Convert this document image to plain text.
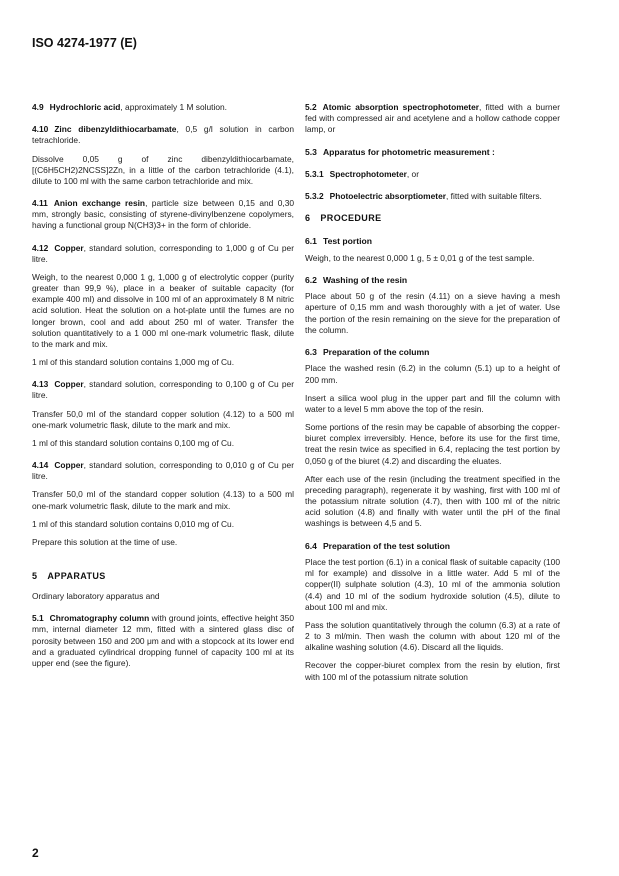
ISO 4274-1977 (E)

4.9 Hydrochloric acid, approximately 1 M solution.

4.10 Zinc dibenzyldithiocarbamate, 0,5 g/l solution in carbon tetrachloride.

Dissolve 0,05 g of zinc dibenzyldithiocarbamate, [(C6H5CH2)2NCSS]2Zn, in a little of the carbon tetrachloride (4.1), dilute to 100 ml with the same carbon tetrachloride and mix.

4.11 Anion exchange resin, particle size between 0,15 and 0,30 mm, strongly basic, consisting of styrene-divinylbenzene copolymers, having a functional group N(CH3)3+ in the form of chloride.

4.12 Copper, standard solution, corresponding to 1,000 g of Cu per litre.

Weigh, to the nearest 0,000 1 g, 1,000 g of electrolytic copper (purity greater than 99,9 %), place in a beaker of suitable capacity (for example 400 ml) and dissolve in 100 ml of an approximately 8 M nitric acid solution. Heat the solution on a hot-plate until the fumes are no longer brown, cool and add about 250 ml of water. Transfer the solution quantitatively to a 1 000 ml one-mark volumetric flask, dilute to the mark and mix.

1 ml of this standard solution contains 1,000 mg of Cu.

4.13 Copper, standard solution, corresponding to 0,100 g of Cu per litre.

Transfer 50,0 ml of the standard copper solution (4.12) to a 500 ml one-mark volumetric flask, dilute to the mark and mix.

1 ml of this standard solution contains 0,100 mg of Cu.

4.14 Copper, standard solution, corresponding to 0,010 g of Cu per litre.

Transfer 50,0 ml of the standard copper solution (4.13) to a 500 ml one-mark volumetric flask, dilute to the mark and mix.

1 ml of this standard solution contains 0,010 mg of Cu.

Prepare this solution at the time of use.

5 APPARATUS

Ordinary laboratory apparatus and

5.1 Chromatography column with ground joints, effective height 350 mm, internal diameter 12 mm, fitted with a sintered glass disc of porosity between 150 and 200 μm and with a stopcock at its lower end and a graduated cylindrical dropping funnel of capacity 100 ml at its upper end (see the figure).

5.2 Atomic absorption spectrophotometer, fitted with a burner fed with compressed air and acetylene and a hollow cathode copper lamp, or

5.3 Apparatus for photometric measurement :

5.3.1 Spectrophotometer, or

5.3.2 Photoelectric absorptiometer, fitted with suitable filters.

6 PROCEDURE
6.1 Test portion

Weigh, to the nearest 0,000 1 g, 5 ± 0,01 g of the test sample.

6.2 Washing of the resin

Place about 50 g of the resin (4.11) on a sieve having a mesh aperture of 0,15 mm and wash thoroughly with a jet of water. Use the portion of the resin remaining on the sieve for the preparation of the column.

6.3 Preparation of the column

Place the washed resin (6.2) in the column (5.1) up to a height of 200 mm.

Insert a silica wool plug in the upper part and fill the column with water to a level 5 mm above the top of the resin.

Some portions of the resin may be capable of absorbing the copper-biuret complex irreversibly. Hence, before its use for the first time, treat the resin twice as specified in 6.4, replacing the test portion by 0,050 g of the biuret (4.2) and discarding the eluates.

After each use of the resin (including the treatment specified in the preceding paragraph), regenerate it by washing, first with 100 ml of the potassium nitrate solution (4.7), then with 100 ml of the nitric acid solution (4.8) and finally with water until the pH of the final washings is between 4,5 and 5.

6.4 Preparation of the test solution

Place the test portion (6.1) in a conical flask of suitable capacity (100 ml for example) and dissolve in a little water. Add 5 ml of the copper(II) sulphate solution (4.3), 10 ml of the ammonia solution (4.4) and 10 ml of the sodium hydroxide solution (4.5), dilute to about 100 ml and mix.

Pass the solution quantitatively through the column (6.3) at a rate of 2 to 3 ml/min. Then wash the column with about 120 ml of the alkaline washing solution (4.6). Discard all the liquids.

Recover the copper-biuret complex from the resin by elution, first with 100 ml of the potassium nitrate solution

2
